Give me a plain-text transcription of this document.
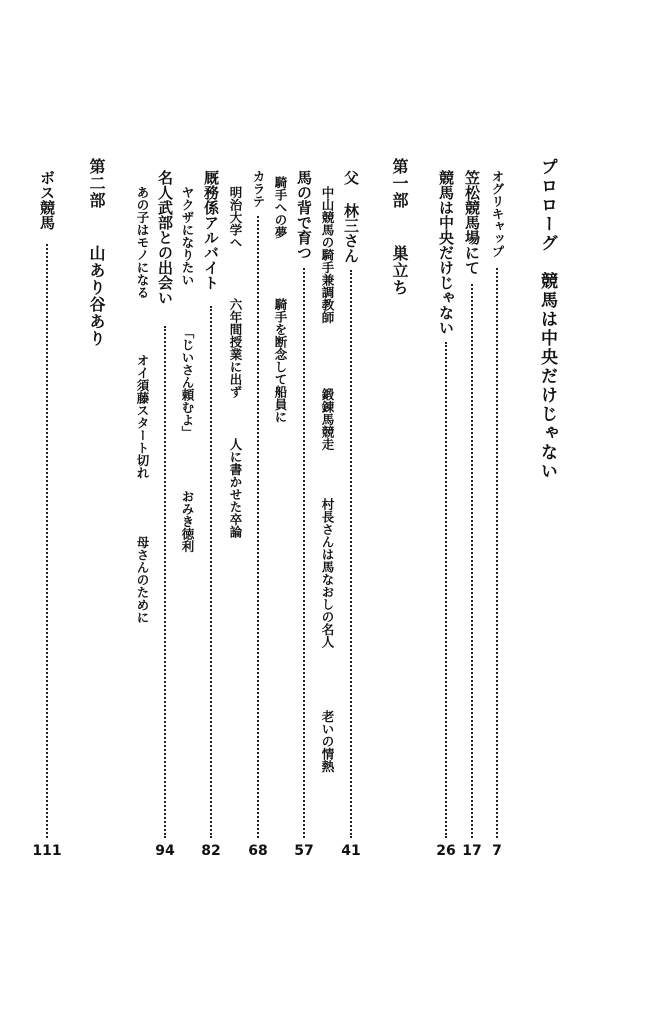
プロローグ
競馬は中央だけじゃない
オグリキャップ
7
笠松競馬場にて
17
競馬は中央だけじゃない
26
第一部
巣立ち
父 林三さん
41
中山競馬の騎手兼調教師
鍛錬馬競走
村長さんは馬なおしの名人
老いの情熱
馬の背で育つ
57
騎手への夢
騎手を断念して船員に
カラテ
68
明治大学へ
六年間授業に出ず
人に書かせた卒論
厩務係アルバイト
82
ヤクザになりたい
「じいさん頼むよ」
おみき徳利
名人武部との出会い
94
あの子はモノになる
オイ須藤スタート切れ
母さんのために
第二部
山あり谷あり
ボス競馬
111
